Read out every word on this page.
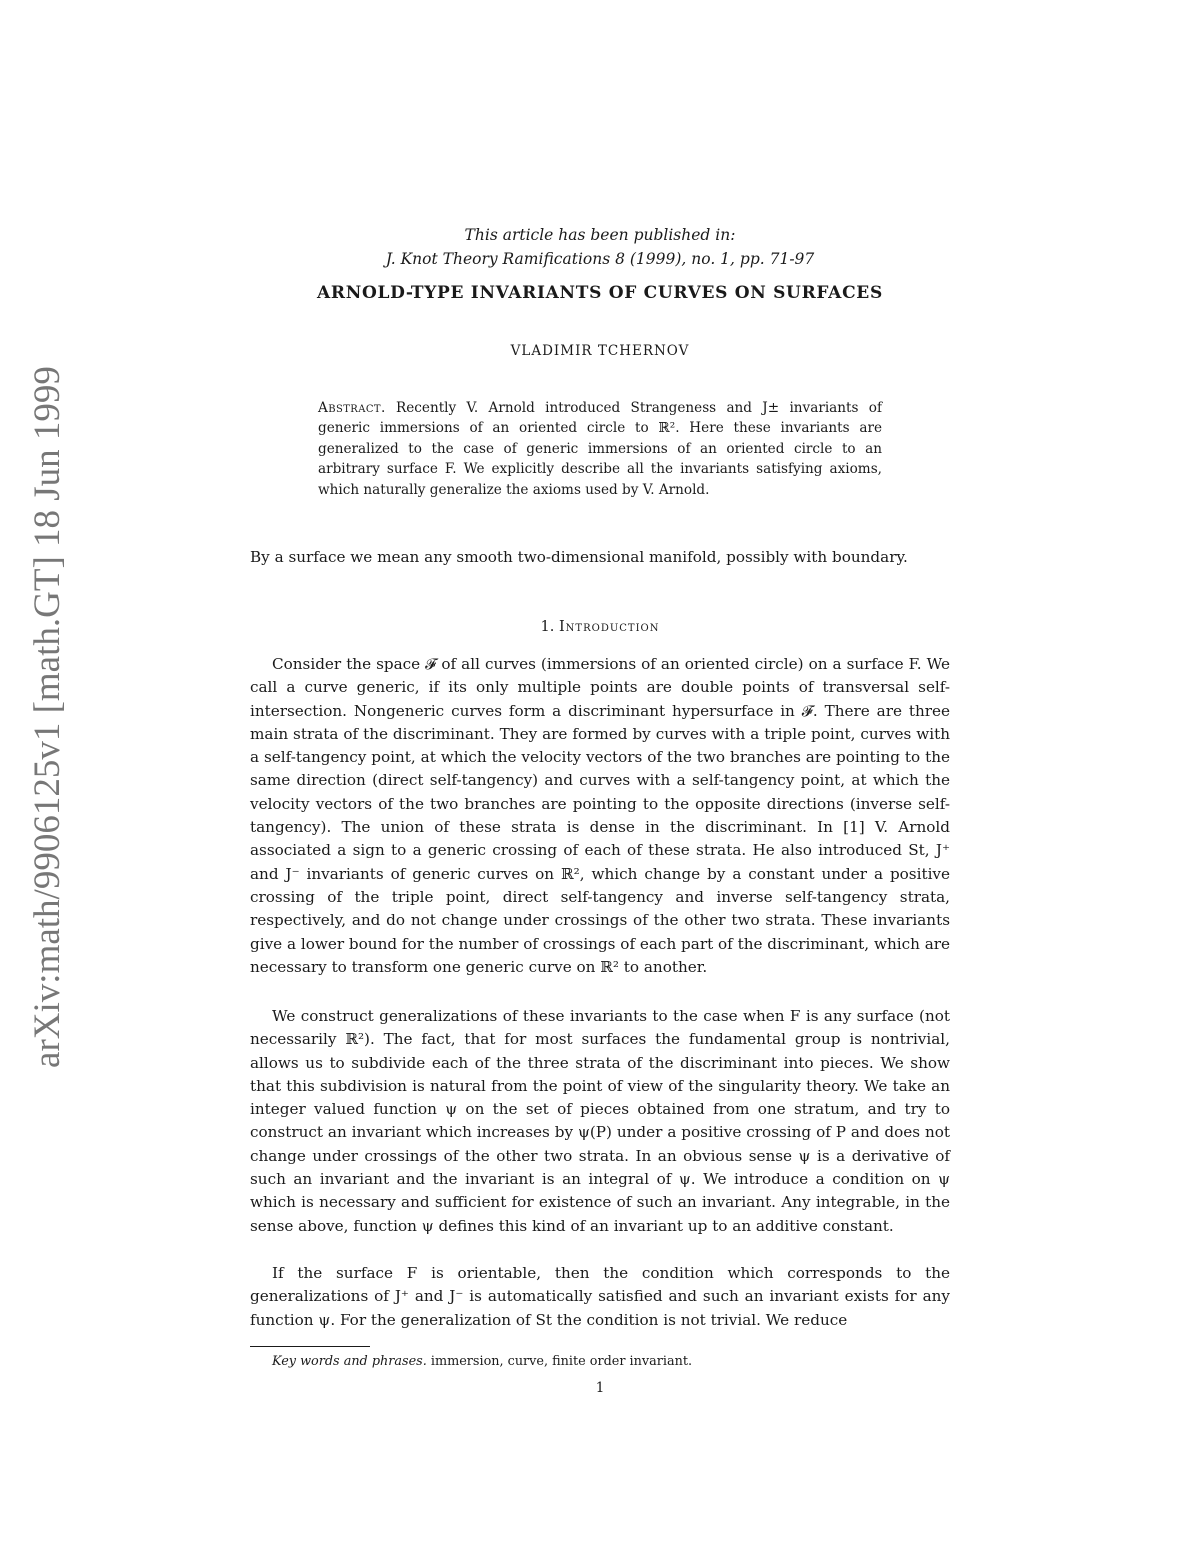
arXiv:math/9906125v1 [math.GT] 18 Jun 1999
This article has been published in:
J. Knot Theory Ramifications 8 (1999), no. 1, pp. 71-97
ARNOLD-TYPE INVARIANTS OF CURVES ON SURFACES
VLADIMIR TCHERNOV
Abstract. Recently V. Arnold introduced Strangeness and J± invariants of generic immersions of an oriented circle to ℝ². Here these invariants are generalized to the case of generic immersions of an oriented circle to an arbitrary surface F. We explicitly describe all the invariants satisfying axioms, which naturally generalize the axioms used by V. Arnold.
By a surface we mean any smooth two-dimensional manifold, possibly with boundary.
1. Introduction
Consider the space 𝓕 of all curves (immersions of an oriented circle) on a surface F. We call a curve generic, if its only multiple points are double points of transversal self-intersection. Nongeneric curves form a discriminant hypersurface in 𝓕. There are three main strata of the discriminant. They are formed by curves with a triple point, curves with a self-tangency point, at which the velocity vectors of the two branches are pointing to the same direction (direct self-tangency) and curves with a self-tangency point, at which the velocity vectors of the two branches are pointing to the opposite directions (inverse self-tangency). The union of these strata is dense in the discriminant. In [1] V. Arnold associated a sign to a generic crossing of each of these strata. He also introduced St, J⁺ and J⁻ invariants of generic curves on ℝ², which change by a constant under a positive crossing of the triple point, direct self-tangency and inverse self-tangency strata, respectively, and do not change under crossings of the other two strata. These invariants give a lower bound for the number of crossings of each part of the discriminant, which are necessary to transform one generic curve on ℝ² to another.
We construct generalizations of these invariants to the case when F is any surface (not necessarily ℝ²). The fact, that for most surfaces the fundamental group is nontrivial, allows us to subdivide each of the three strata of the discriminant into pieces. We show that this subdivision is natural from the point of view of the singularity theory. We take an integer valued function ψ on the set of pieces obtained from one stratum, and try to construct an invariant which increases by ψ(P) under a positive crossing of P and does not change under crossings of the other two strata. In an obvious sense ψ is a derivative of such an invariant and the invariant is an integral of ψ. We introduce a condition on ψ which is necessary and sufficient for existence of such an invariant. Any integrable, in the sense above, function ψ defines this kind of an invariant up to an additive constant.
If the surface F is orientable, then the condition which corresponds to the generalizations of J⁺ and J⁻ is automatically satisfied and such an invariant exists for any function ψ. For the generalization of St the condition is not trivial. We reduce
Key words and phrases. immersion, curve, finite order invariant.
1
